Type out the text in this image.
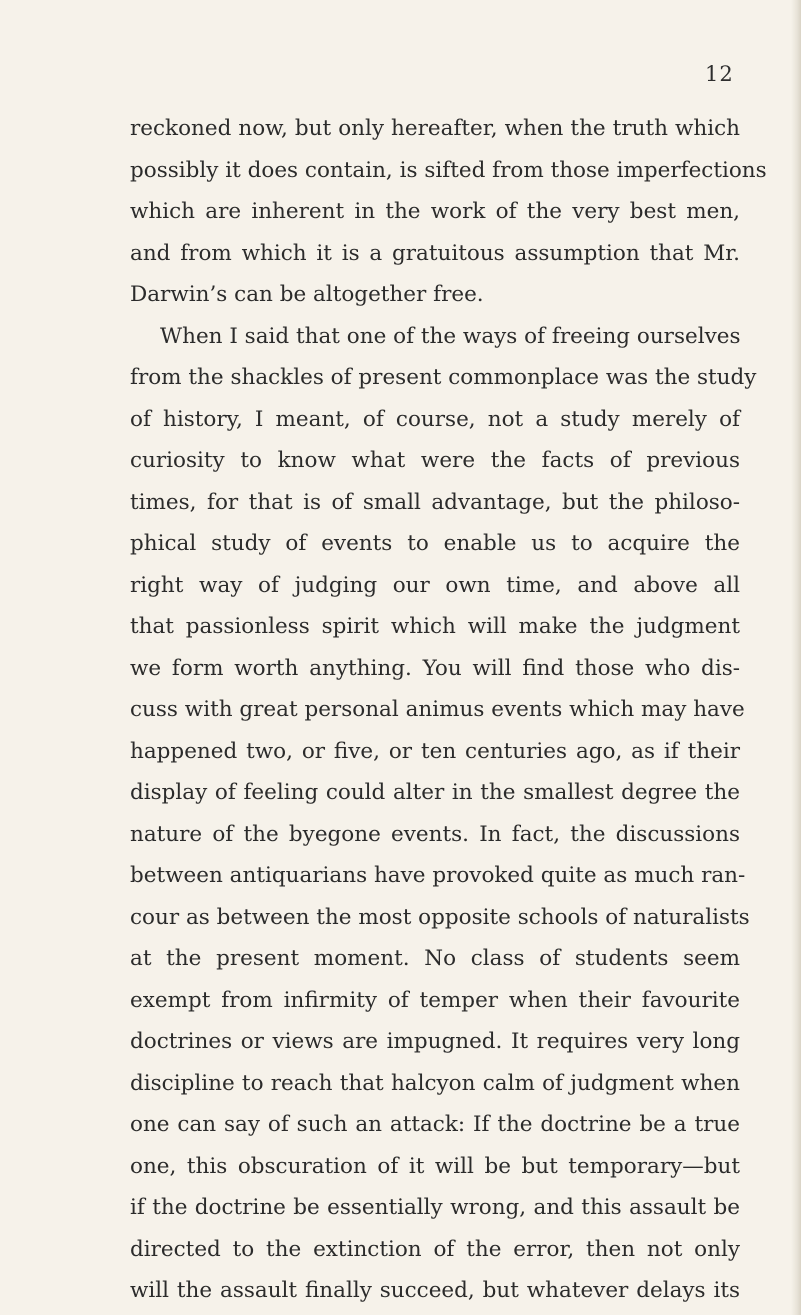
12
reckoned now, but only hereafter, when the truth which
possibly it does contain, is sifted from those imperfections
which are inherent in the work of the very best men,
and from which it is a gratuitous assumption that Mr.
Darwin’s can be altogether free.
When I said that one of the ways of freeing ourselves
from the shackles of present commonplace was the study
of history, I meant, of course, not a study merely of
curiosity to know what were the facts of previous
times, for that is of small advantage, but the philoso-
phical study of events to enable us to acquire the
right way of judging our own time, and above all
that passionless spirit which will make the judgment
we form worth anything. You will find those who dis-
cuss with great personal animus events which may have
happened two, or five, or ten centuries ago, as if their
display of feeling could alter in the smallest degree the
nature of the byegone events. In fact, the discussions
between antiquarians have provoked quite as much ran-
cour as between the most opposite schools of naturalists
at the present moment. No class of students seem
exempt from infirmity of temper when their favourite
doctrines or views are impugned. It requires very long
discipline to reach that halcyon calm of judgment when
one can say of such an attack: If the doctrine be a true
one, this obscuration of it will be but temporary—but
if the doctrine be essentially wrong, and this assault be
directed to the extinction of the error, then not only
will the assault finally succeed, but whatever delays its
